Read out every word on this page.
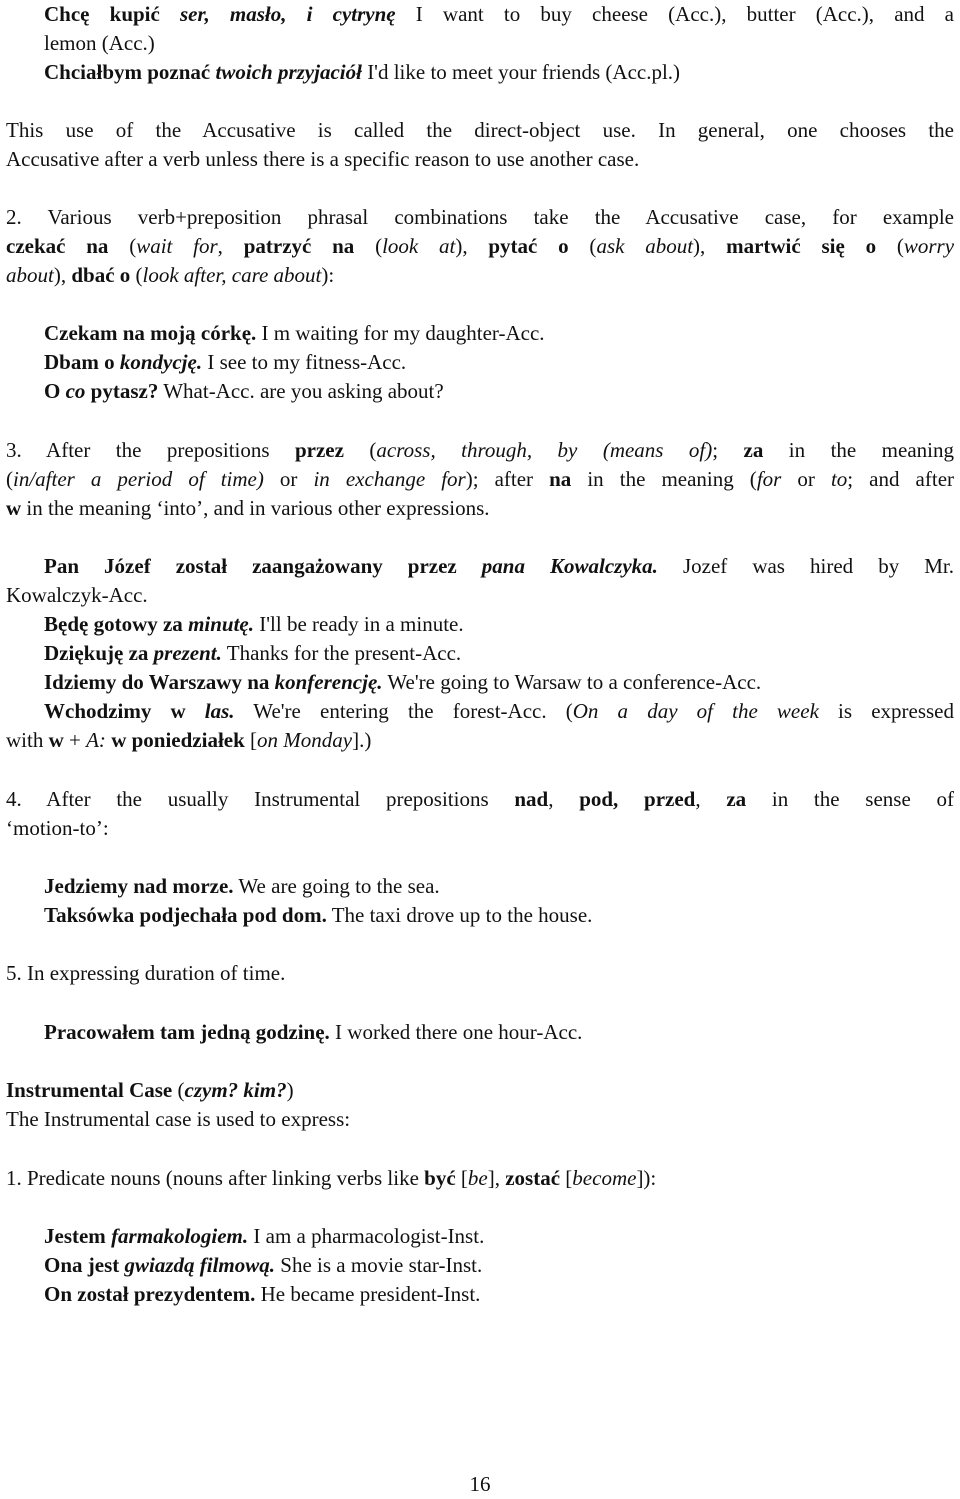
Chcę kupić ser, masło, i cytrynę I want to buy cheese (Acc.), butter (Acc.), and a
lemon (Acc.)
Chciałbym poznać twoich przyjaciół I'd like to meet your friends (Acc.pl.)
This use of the Accusative is called the direct-object use. In general, one chooses the
Accusative after a verb unless there is a specific reason to use another case.
2. Various verb+preposition phrasal combinations take the Accusative case, for example
czekać na (wait for, patrzyć na (look at), pytać o (ask about), martwić się o (worry
about), dbać o (look after, care about):
Czekam na moją córkę. I m waiting for my daughter-Acc.
Dbam o kondycję. I see to my fitness-Acc.
O co pytasz? What-Acc. are you asking about?
3. After the prepositions przez (across, through, by (means of); za in the meaning
(in/after a period of time) or in exchange for); after na in the meaning (for or to; and after
w in the meaning ‘into’, and in various other expressions.
Pan Józef został zaangażowany przez pana Kowalczyka. Jozef was hired by Mr.
Kowalczyk-Acc.
Będę gotowy za minutę. I'll be ready in a minute.
Dziękuję za prezent. Thanks for the present-Acc.
Idziemy do Warszawy na konferencję. We're going to Warsaw to a conference-Acc.
Wchodzimy w las. We're entering the forest-Acc. (On a day of the week is expressed
with w + A: w poniedziałek [on Monday].)
4. After the usually Instrumental prepositions nad, pod, przed, za in the sense of
‘motion-to’:
Jedziemy nad morze. We are going to the sea.
Taksówka podjechała pod dom. The taxi drove up to the house.
5. In expressing duration of time.
Pracowałem tam jedną godzinę. I worked there one hour-Acc.
Instrumental Case (czym? kim?)
The Instrumental case is used to express:
1. Predicate nouns (nouns after linking verbs like być [be], zostać [become]):
Jestem farmakologiem. I am a pharmacologist-Inst.
Ona jest gwiazdą filmową. She is a movie star-Inst.
On został prezydentem. He became president-Inst.
16
